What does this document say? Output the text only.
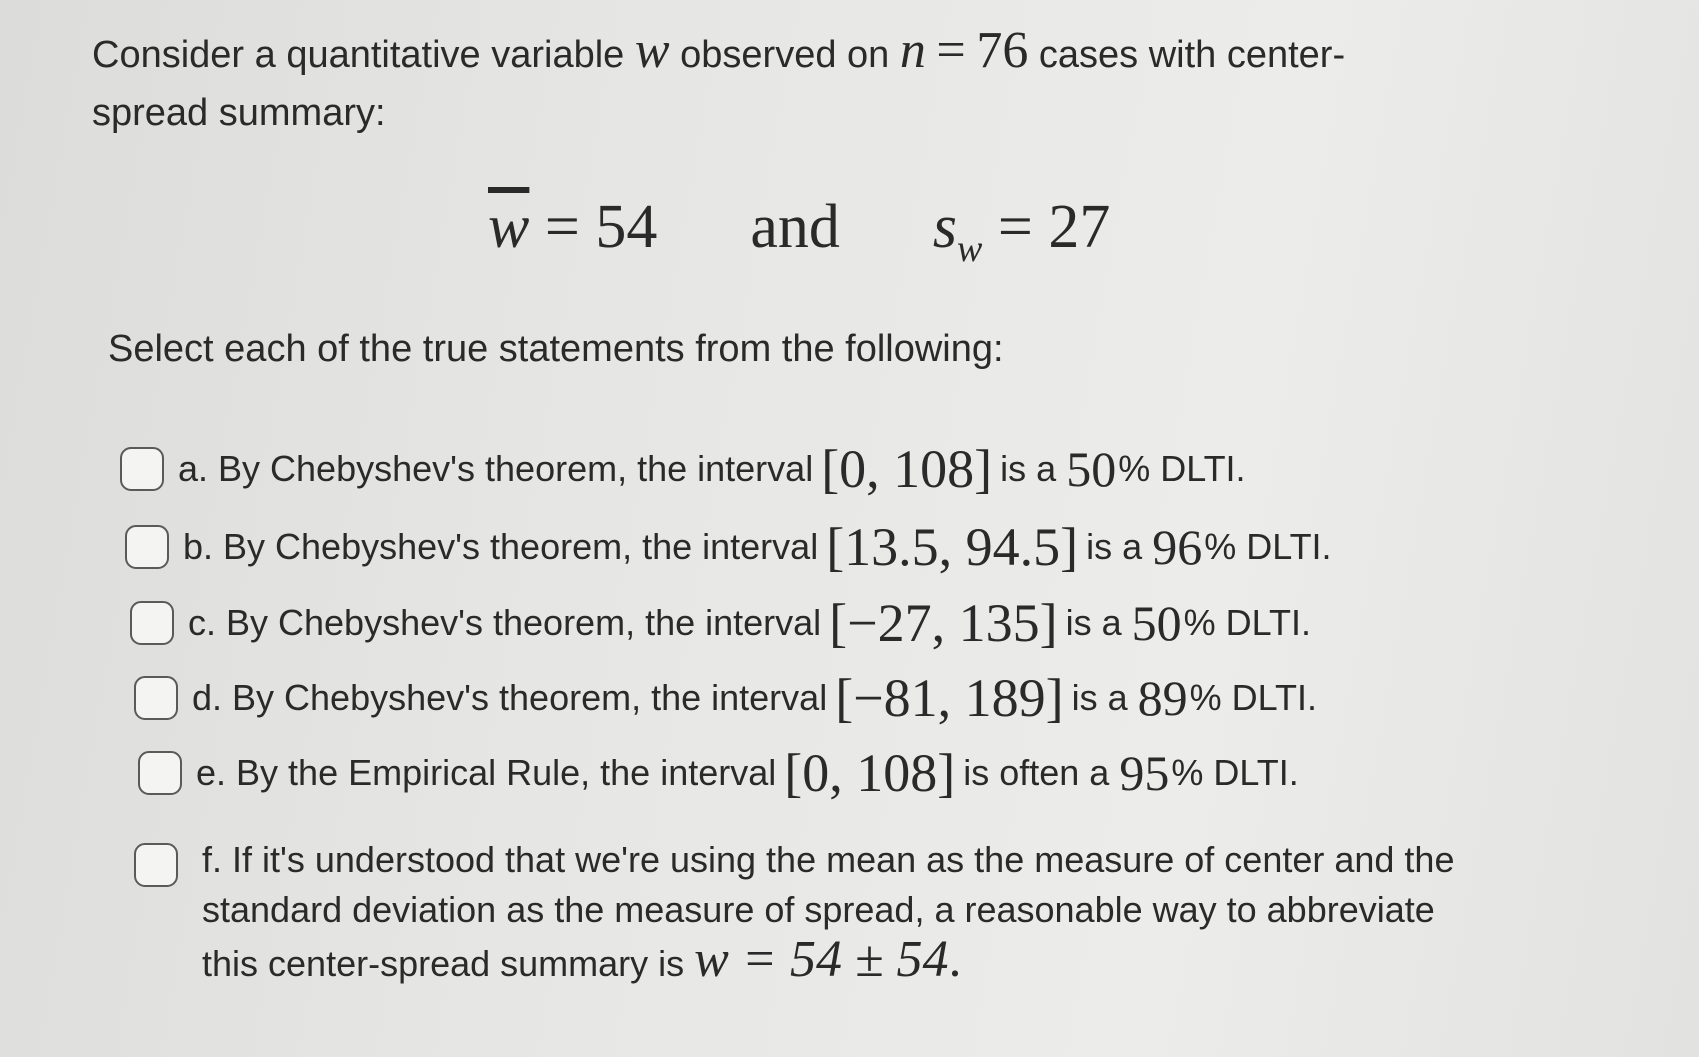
Consider a quantitative variable w observed on n = 76 cases with center-spread summary:
$\overline{w} = 54$ and $s_w = 27$
Select each of the true statements from the following:
a. By Chebyshev's theorem, the interval [0, 108] is a
50 % DLTI.
b. By Chebyshev's theorem, the interval [13.5, 94.5] is a
96 % DLTI.
c. By Chebyshev's theorem, the interval [−27, 135] is a
50 % DLTI.
d. By Chebyshev's theorem, the interval [−81, 189] is a
89 % DLTI.
e. By the Empirical Rule, the interval [0, 108] is often a
95 % DLTI.
f. If it's understood that we're using the mean as the measure of center and the standard deviation as the measure of spread, a reasonable way to abbreviate this center-spread summary is w = 54 ± 54.
